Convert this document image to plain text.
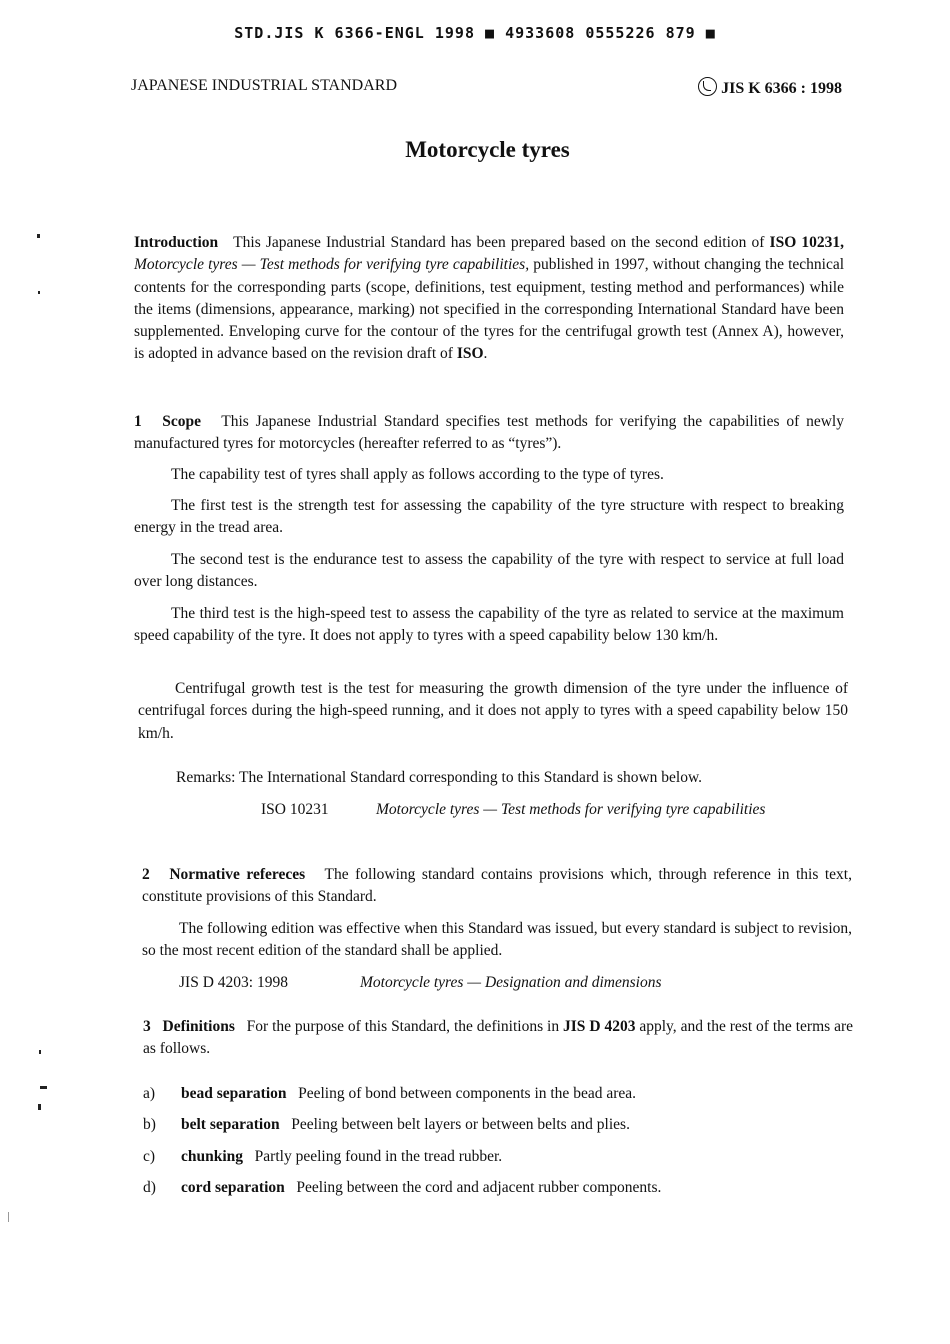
STD.JIS K 6366-ENGL 1998 ■ 4933608 0555226 879 ■
JAPANESE INDUSTRIAL STANDARD	JIS K 6366 : 1998
Motorcycle tyres

Introduction This Japanese Industrial Standard has been prepared based on the second edition of ISO 10231, Motorcycle tyres — Test methods for verifying tyre capabilities, published in 1997, without changing the technical contents for the corresponding parts (scope, definitions, test equipment, testing method and performances) while the items (dimensions, appearance, marking) not specified in the corresponding International Standard have been supplemented. Enveloping curve for the contour of the tyres for the centrifugal growth test (Annex A), however, is adopted in advance based on the revision draft of ISO.

1 Scope This Japanese Industrial Standard specifies test methods for verifying the capabilities of newly manufactured tyres for motorcycles (hereafter referred to as “tyres”).

The capability test of tyres shall apply as follows according to the type of tyres.

The first test is the strength test for assessing the capability of the tyre structure with respect to breaking energy in the tread area.

The second test is the endurance test to assess the capability of the tyre with respect to service at full load over long distances.

The third test is the high-speed test to assess the capability of the tyre as related to service at the maximum speed capability of the tyre. It does not apply to tyres with a speed capability below 130 km/h.

Centrifugal growth test is the test for measuring the growth dimension of the tyre under the influence of centrifugal forces during the high-speed running, and it does not apply to tyres with a speed capability below 150 km/h.

Remarks: The International Standard corresponding to this Standard is shown below.
ISO 10231	Motorcycle tyres — Test methods for verifying tyre capabilities

2 Normative refereces The following standard contains provisions which, through reference in this text, constitute provisions of this Standard.

The following edition was effective when this Standard was issued, but every standard is subject to revision, so the most recent edition of the standard shall be applied.

JIS D 4203: 1998	Motorcycle tyres — Designation and dimensions

3 Definitions For the purpose of this Standard, the definitions in JIS D 4203 apply, and the rest of the terms are as follows.

a)	bead separation
Peeling of bond between components in the bead area.
b)	belt separation
Peeling between belt layers or between belts and plies.
c)	chunking
Partly peeling found in the tread rubber.
d)	cord separation
Peeling between the cord and adjacent rubber components.
